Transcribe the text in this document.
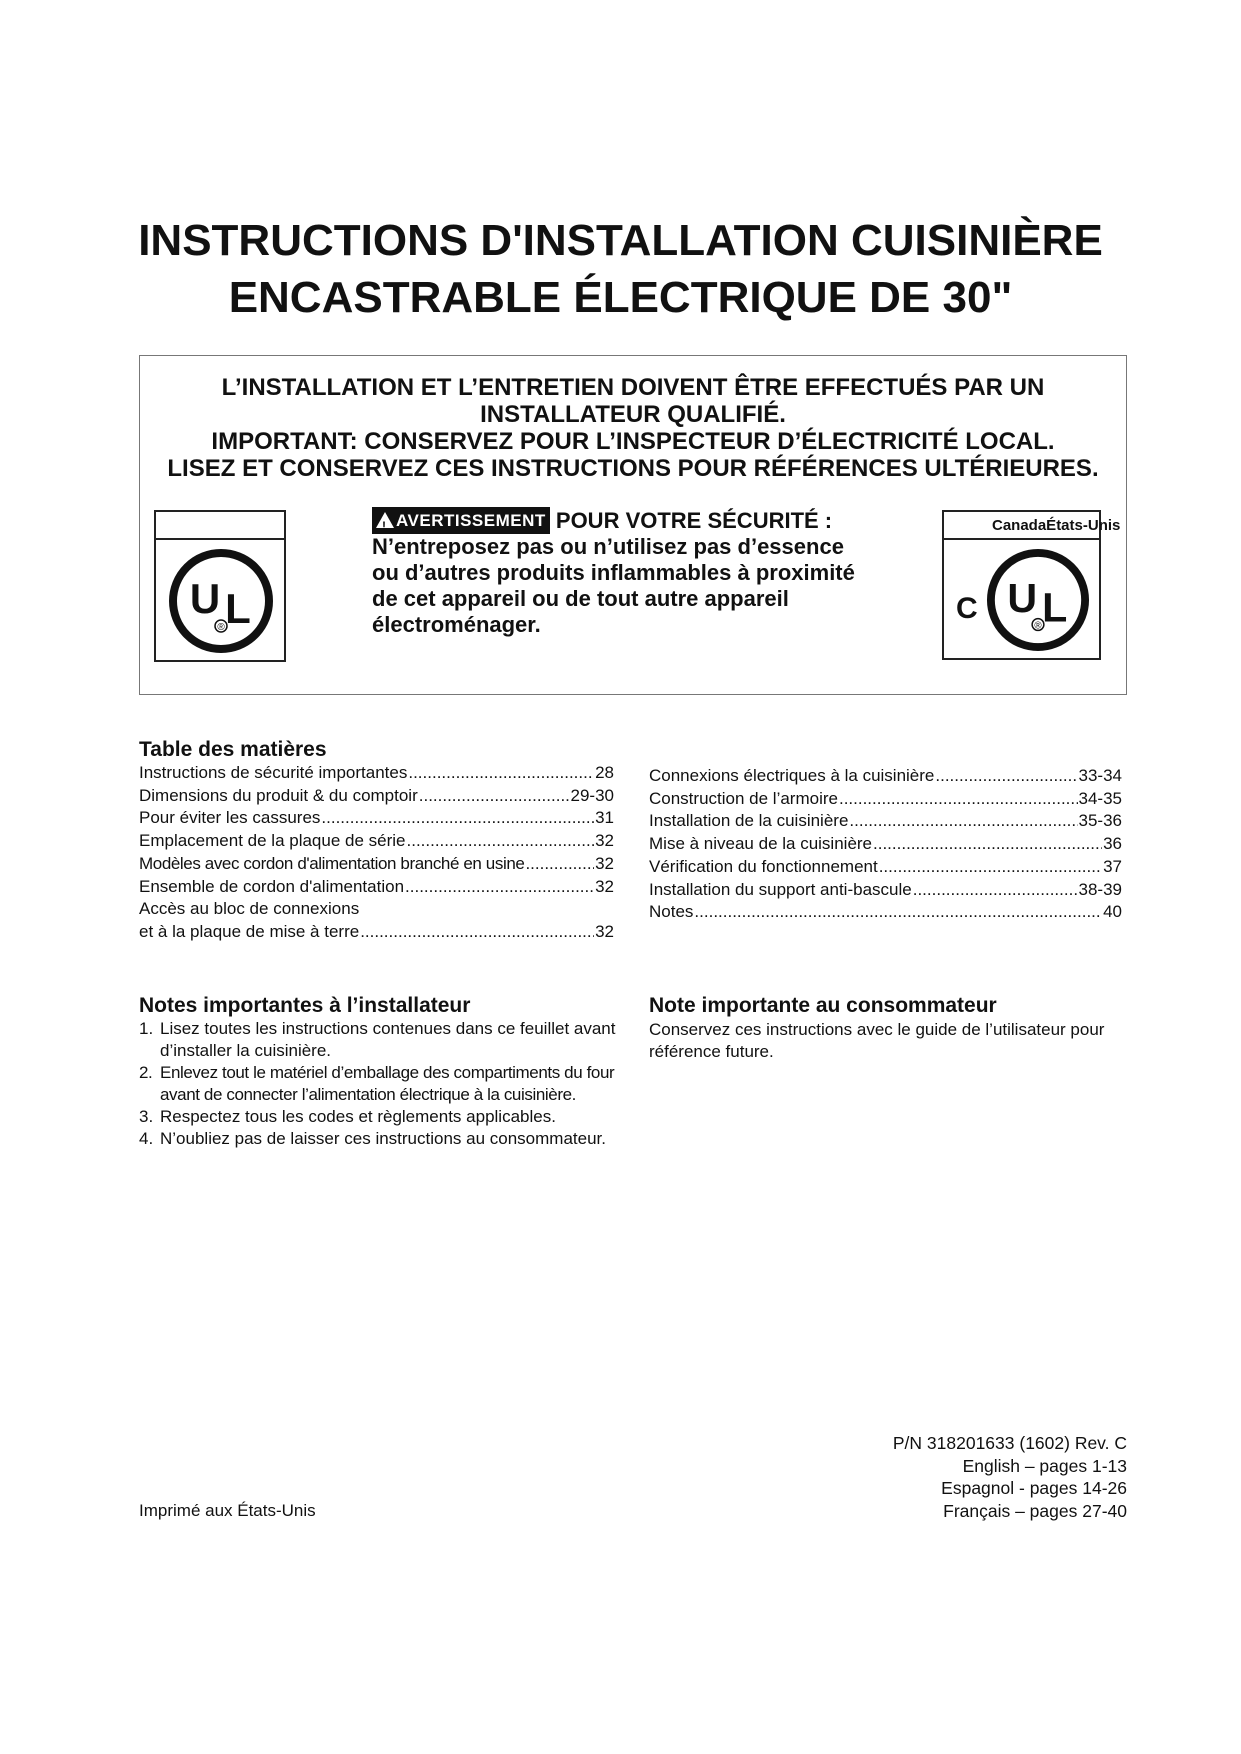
INSTRUCTIONS D'INSTALLATION CUISINIÈRE
ENCASTRABLE ÉLECTRIQUE DE 30"
L’INSTALLATION ET L’ENTRETIEN DOIVENT ÊTRE EFFECTUÉS PAR UN
INSTALLATEUR QUALIFIÉ.
IMPORTANT: CONSERVEZ POUR L’INSPECTEUR D’ÉLECTRICITÉ LOCAL.
LISEZ ET CONSERVEZ CES INSTRUCTIONS POUR RÉFÉRENCES ULTÉRIEURES.
U L
®
! AVERTISSEMENT POUR VOTRE SÉCURITÉ :
N’entreposez pas ou n’utilisez pas d’essence
ou d’autres produits inflammables à proximité
de cet appareil ou de tout autre appareil
électroménager.
CanadaÉtats-Unis
C U L
®
Table des matières
Instructions de sécurité importantes .....	28
Dimensions du produit & du comptoir .....	29-30
Pour éviter les cassures .....	31
Emplacement de la plaque de série .....	32
Modèles avec cordon d'alimentation branché en usine .....	32
Ensemble de cordon d'alimentation .....	32
Accès au bloc de connexions
et à la plaque de mise à terre .....	32
Connexions électriques à la cuisinière .....	33-34
Construction de l’armoire .....	34-35
Installation de la cuisinière .....	35-36
Mise à niveau de la cuisinière .....	36
Vérification du fonctionnement .....	37
Installation du support anti-bascule .....	38-39
Notes .....	40
Notes importantes à l’installateur
1. Lisez toutes les instructions contenues dans ce feuillet avant d’installer la cuisinière.
2. Enlevez tout le matériel d’emballage des compartiments du four avant de connecter l’alimentation électrique à la cuisinière.
3. Respectez tous les codes et règlements applicables.
4. N’oubliez pas de laisser ces instructions au consommateur.
Note importante au consommateur
Conservez ces instructions avec le guide de l’utilisateur pour référence future.
Imprimé aux États-Unis
P/N 318201633 (1602) Rev. C
English – pages 1-13
Espagnol - pages 14-26
Français – pages 27-40
